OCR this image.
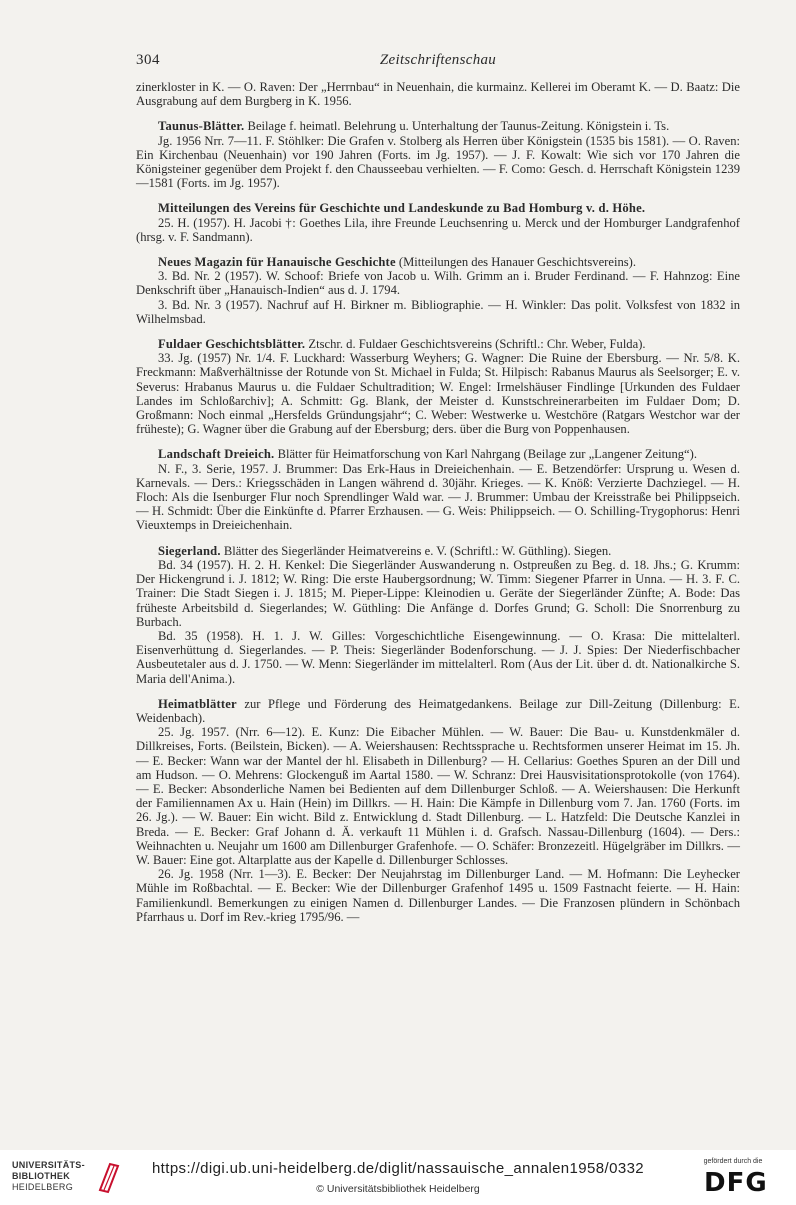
304	Zeitschriftenschau

zinerkloster in K. — O. Raven: Der „Herrnbau“ in Neuenhain, die kurmainz. Kellerei im Oberamt K. — D. Baatz: Die Ausgrabung auf dem Burgberg in K. 1956.

Taunus-Blätter. Beilage f. heimatl. Belehrung u. Unterhaltung der Taunus-Zeitung. Königstein i. Ts.

Jg. 1956 Nrr. 7—11. F. Stöhlker: Die Grafen v. Stolberg als Herren über Königstein (1535 bis 1581). — O. Raven: Ein Kirchenbau (Neuenhain) vor 190 Jahren (Forts. im Jg. 1957). — J. F. Kowalt: Wie sich vor 170 Jahren die Königsteiner gegenüber dem Projekt f. den Chausseebau verhielten. — F. Como: Gesch. d. Herrschaft Königstein 1239—1581 (Forts. im Jg. 1957).

Mitteilungen des Vereins für Geschichte und Landeskunde zu Bad Homburg v. d. Höhe.

25. H. (1957). H. Jacobi †: Goethes Lila, ihre Freunde Leuchsenring u. Merck und der Homburger Landgrafenhof (hrsg. v. F. Sandmann).

Neues Magazin für Hanauische Geschichte (Mitteilungen des Hanauer Geschichtsvereins).

3. Bd. Nr. 2 (1957). W. Schoof: Briefe von Jacob u. Wilh. Grimm an i. Bruder Ferdinand. — F. Hahnzog: Eine Denkschrift über „Hanauisch-Indien“ aus d. J. 1794.

3. Bd. Nr. 3 (1957). Nachruf auf H. Birkner m. Bibliographie. — H. Winkler: Das polit. Volksfest von 1832 in Wilhelmsbad.

Fuldaer Geschichtsblätter. Ztschr. d. Fuldaer Geschichtsvereins (Schriftl.: Chr. Weber, Fulda).

33. Jg. (1957) Nr. 1/4. F. Luckhard: Wasserburg Weyhers; G. Wagner: Die Ruine der Ebersburg. — Nr. 5/8. K. Freckmann: Maßverhältnisse der Rotunde von St. Michael in Fulda; St. Hilpisch: Rabanus Maurus als Seelsorger; E. v. Severus: Hrabanus Maurus u. die Fuldaer Schultradition; W. Engel: Irmelshäuser Findlinge [Urkunden des Fuldaer Landes im Schloßarchiv]; A. Schmitt: Gg. Blank, der Meister d. Kunstschreinerarbeiten im Fuldaer Dom; D. Großmann: Noch einmal „Hersfelds Gründungsjahr“; C. Weber: Westwerke u. Westchöre (Ratgars Westchor war der früheste); G. Wagner über die Grabung auf der Ebersburg; ders. über die Burg von Poppenhausen.

Landschaft Dreieich. Blätter für Heimatforschung von Karl Nahrgang (Beilage zur „Langener Zeitung“).

N. F., 3. Serie, 1957. J. Brummer: Das Erk-Haus in Dreieichenhain. — E. Betzendörfer: Ursprung u. Wesen d. Karnevals. — Ders.: Kriegsschäden in Langen während d. 30jähr. Krieges. — K. Knöß: Verzierte Dachziegel. — H. Floch: Als die Isenburger Flur noch Sprendlinger Wald war. — J. Brummer: Umbau der Kreisstraße bei Philippseich. — H. Schmidt: Über die Einkünfte d. Pfarrer Erzhausen. — G. Weis: Philippseich. — O. Schilling-Trygophorus: Henri Vieuxtemps in Dreieichenhain.

Siegerland. Blätter des Siegerländer Heimatvereins e. V. (Schriftl.: W. Güthling). Siegen.

Bd. 34 (1957). H. 2. H. Kenkel: Die Siegerländer Auswanderung n. Ostpreußen zu Beg. d. 18. Jhs.; G. Krumm: Der Hickengrund i. J. 1812; W. Ring: Die erste Haubergsordnung; W. Timm: Siegener Pfarrer in Unna. — H. 3. F. C. Trainer: Die Stadt Siegen i. J. 1815; M. Pieper-Lippe: Kleinodien u. Geräte der Siegerländer Zünfte; A. Bode: Das früheste Arbeitsbild d. Siegerlandes; W. Güthling: Die Anfänge d. Dorfes Grund; G. Scholl: Die Snorrenburg zu Burbach.

Bd. 35 (1958). H. 1. J. W. Gilles: Vorgeschichtliche Eisengewinnung. — O. Krasa: Die mittelalterl. Eisenverhüttung d. Siegerlandes. — P. Theis: Siegerländer Bodenforschung. — J. J. Spies: Der Niederfischbacher Ausbeutetaler aus d. J. 1750. — W. Menn: Siegerländer im mittelalterl. Rom (Aus der Lit. über d. dt. Nationalkirche S. Maria dell'Anima.).

Heimatblätter zur Pflege und Förderung des Heimatgedankens. Beilage zur Dill-Zeitung (Dillenburg: E. Weidenbach).

25. Jg. 1957. (Nrr. 6—12). E. Kunz: Die Eibacher Mühlen. — W. Bauer: Die Bau- u. Kunstdenkmäler d. Dillkreises, Forts. (Beilstein, Bicken). — A. Weiershausen: Rechtssprache u. Rechtsformen unserer Heimat im 15. Jh. — E. Becker: Wann war der Mantel der hl. Elisabeth in Dillenburg? — H. Cellarius: Goethes Spuren an der Dill und am Hudson. — O. Mehrens: Glockenguß im Aartal 1580. — W. Schranz: Drei Hausvisitationsprotokolle (von 1764). — E. Becker: Absonderliche Namen bei Bedienten auf dem Dillenburger Schloß. — A. Weiershausen: Die Herkunft der Familiennamen Ax u. Hain (Hein) im Dillkrs. — H. Hain: Die Kämpfe in Dillenburg vom 7. Jan. 1760 (Forts. im 26. Jg.). — W. Bauer: Ein wicht. Bild z. Entwicklung d. Stadt Dillenburg. — L. Hatzfeld: Die Deutsche Kanzlei in Breda. — E. Becker: Graf Johann d. Ä. verkauft 11 Mühlen i. d. Grafsch. Nassau-Dillenburg (1604). — Ders.: Weihnachten u. Neujahr um 1600 am Dillenburger Grafenhofe. — O. Schäfer: Bronzezeitl. Hügelgräber im Dillkrs. — W. Bauer: Eine got. Altarplatte aus der Kapelle d. Dillenburger Schlosses.

26. Jg. 1958 (Nrr. 1—3). E. Becker: Der Neujahrstag im Dillenburger Land. — M. Hofmann: Die Leyhecker Mühle im Roßbachtal. — E. Becker: Wie der Dillenburger Grafenhof 1495 u. 1509 Fastnacht feierte. — H. Hain: Familienkundl. Bemerkungen zu einigen Namen d. Dillenburger Landes. — Die Franzosen plündern in Schönbach Pfarrhaus u. Dorf im Rev.-krieg 1795/96. —

UNIVERSITÄTS-
BIBLIOTHEK
HEIDELBERG
https://digi.ub.uni-heidelberg.de/diglit/nassauische_annalen1958/0332
© Universitätsbibliothek Heidelberg
gefördert durch die
DFG
